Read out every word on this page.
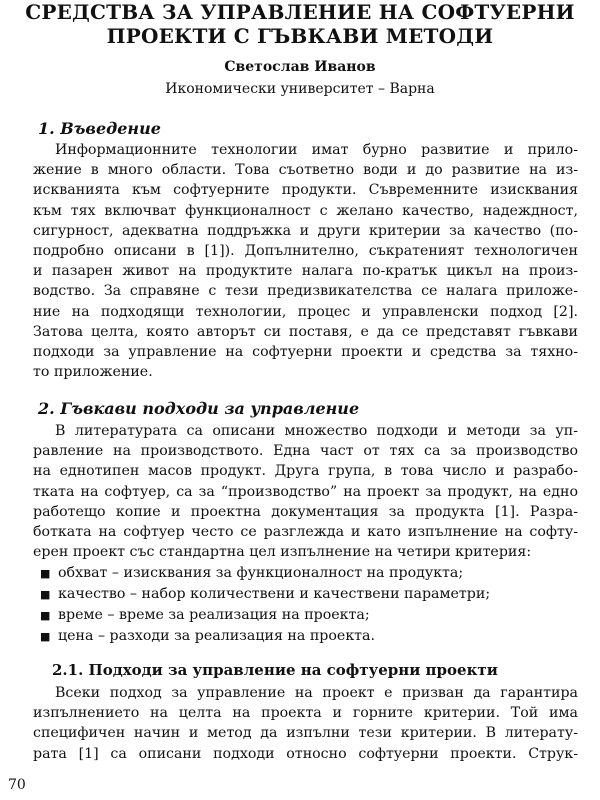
СРЕДСТВА ЗА УПРАВЛЕНИЕ НА СОФТУЕРНИ
ПРОЕКТИ С ГЪВКАВИ МЕТОДИ
Светослав Иванов
Икономически университет – Варна
1. Въведение
Информационните технологии имат бурно развитие и прило-
жение в много области. Това съответно води и до развитие на из-
искванията към софтуерните продукти. Съвременните изисквания
към тях включват функционалност с желано качество, надеждност,
сигурност, адекватна поддръжка и други критерии за качество (по-
подробно описани в [1]). Допълнително, съкратеният технологичен
и пазарен живот на продуктите налага по-кратък цикъл на произ-
водство. За справяне с тези предизвикателства се налага приложе-
ние на подходящи технологии, процес и управленски подход [2].
Затова целта, която авторът си поставя, е да се представят гъвкави
подходи за управление на софтуерни проекти и средства за тяхно-
то приложение.
2. Гъвкави подходи за управление
В литературата са описани множество подходи и методи за уп-
равление на производството. Една част от тях са за производство
на еднотипен масов продукт. Друга група, в това число и разрабо-
тката на софтуер, са за “производство” на проект за продукт, на едно
работещо копие и проектна документация за продукта [1]. Разра-
ботката на софтуер често се разглежда и като изпълнение на софту-
ерен проект със стандартна цел изпълнение на четири критерия:
■ обхват – изисквания за функционалност на продукта;
■ качество – набор количествени и качествени параметри;
■ време – време за реализация на проекта;
■ цена – разходи за реализация на проекта.
2.1. Подходи за управление на софтуерни проекти
Всеки подход за управление на проект е призван да гарантира
изпълнението на целта на проекта и горните критерии. Той има
специфичен начин и метод да изпълни тези критерии. В литерату-
рата [1] са описани подходи относно софтуерни проекти. Струк-
70
